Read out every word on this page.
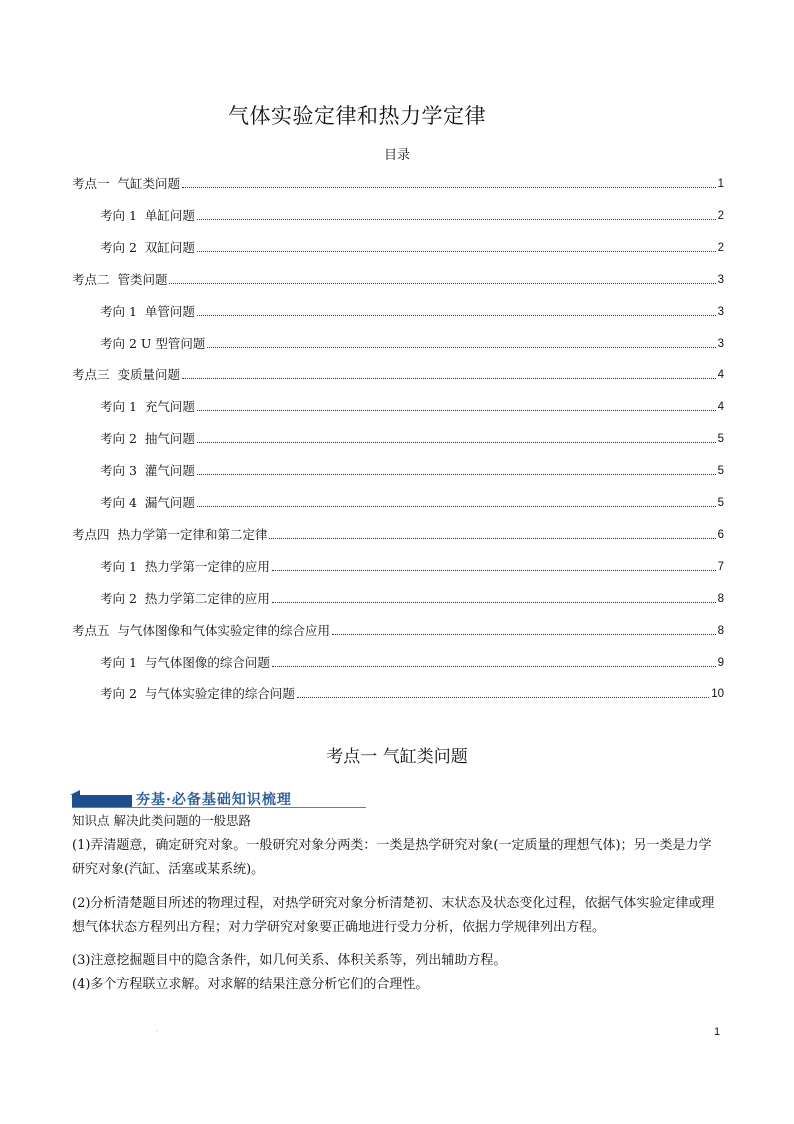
气体实验定律和热力学定律
目录
考点一  气缸类问题	1
考向 1  单缸问题	2
考向 2  双缸问题	2
考点二  管类问题	3
考向 1  单管问题	3
考向 2 U 型管问题	3
考点三  变质量问题	4
考向 1  充气问题	4
考向 2  抽气问题	5
考向 3  灌气问题	5
考向 4  漏气问题	5
考点四  热力学第一定律和第二定律	6
考向 1  热力学第一定律的应用	7
考向 2  热力学第二定律的应用	8
考点五  与气体图像和气体实验定律的综合应用	8
考向 1  与气体图像的综合问题	9
考向 2  与气体实验定律的综合问题	10
考点一 气缸类问题
夯基·必备基础知识梳理
知识点 解决此类问题的一般思路
(1)弄清题意，确定研究对象。一般研究对象分两类：一类是热学研究对象(一定质量的理想气体)；另一类是力学研究对象(汽缸、活塞或某系统)。
(2)分析清楚题目所述的物理过程，对热学研究对象分析清楚初、末状态及状态变化过程，依据气体实验定律或理想气体状态方程列出方程；对力学研究对象要正确地进行受力分析，依据力学规律列出方程。
(3)注意挖掘题目中的隐含条件，如几何关系、体积关系等，列出辅助方程。
(4)多个方程联立求解。对求解的结果注意分析它们的合理性。
'	1
